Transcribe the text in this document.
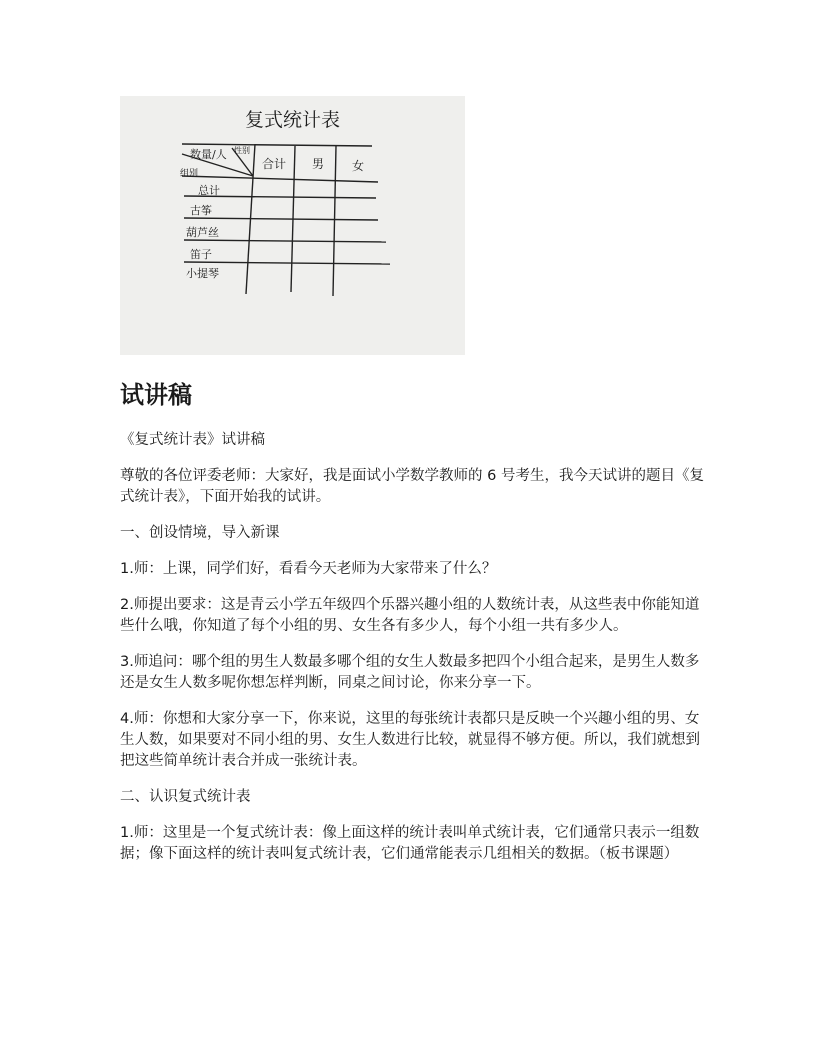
复式统计表
数量/人 性别
组别
合计 男 女
总计
古筝
葫芦丝
笛子
小提琴
试讲稿

《复式统计表》试讲稿

尊敬的各位评委老师：大家好，我是面试小学数学教师的 6 号考生，我今天试讲的题目《复式统计表》，下面开始我的试讲。

一、创设情境，导入新课

1.师：上课，同学们好，看看今天老师为大家带来了什么？

2.师提出要求：这是青云小学五年级四个乐器兴趣小组的人数统计表，从这些表中你能知道些什么哦，你知道了每个小组的男、女生各有多少人，每个小组一共有多少人。

3.师追问：哪个组的男生人数最多哪个组的女生人数最多把四个小组合起来，是男生人数多还是女生人数多呢你想怎样判断，同桌之间讨论，你来分享一下。

4.师：你想和大家分享一下，你来说，这里的每张统计表都只是反映一个兴趣小组的男、女生人数，如果要对不同小组的男、女生人数进行比较，就显得不够方便。所以，我们就想到把这些简单统计表合并成一张统计表。

二、认识复式统计表

1.师：这里是一个复式统计表：像上面这样的统计表叫单式统计表，它们通常只表示一组数据；像下面这样的统计表叫复式统计表，它们通常能表示几组相关的数据。（板书课题）
